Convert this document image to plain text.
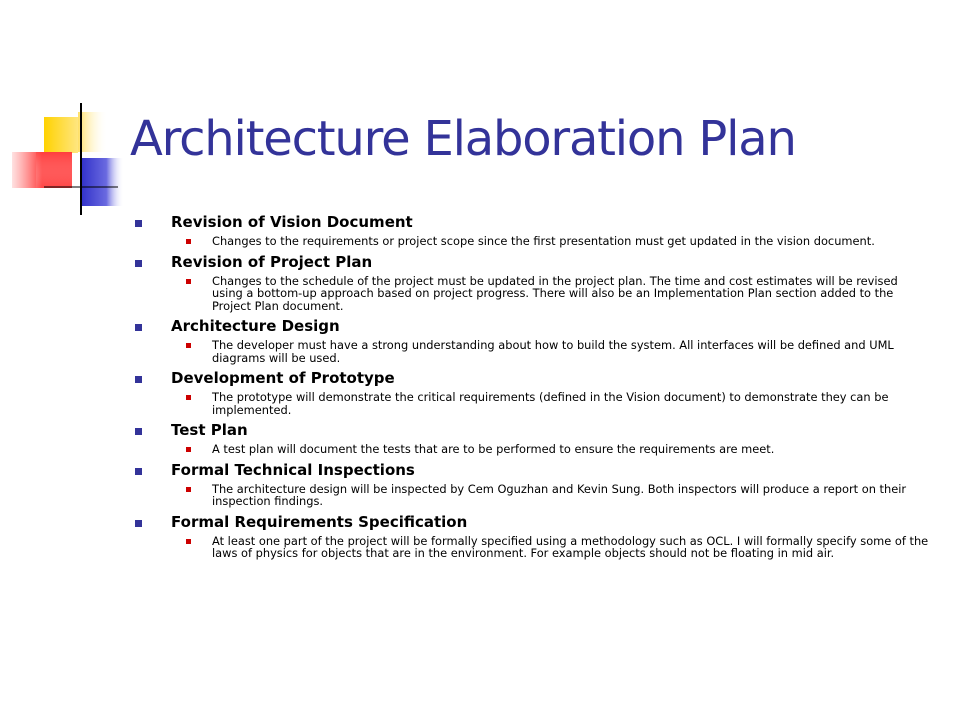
Architecture Elaboration Plan
Revision of Vision Document
Changes to the requirements or project scope since the first presentation must get updated in the vision document.
Revision of Project Plan
Changes to the schedule of the project must be updated in the project plan. The time and cost estimates will be revised using a bottom-up approach based on project progress. There will also be an Implementation Plan section added to the Project Plan document.
Architecture Design
The developer must have a strong understanding about how to build the system. All interfaces will be defined and UML diagrams will be used.
Development of Prototype
The prototype will demonstrate the critical requirements (defined in the Vision document) to demonstrate they can be implemented.
Test Plan
A test plan will document the tests that are to be performed to ensure the requirements are meet.
Formal Technical Inspections
The architecture design will be inspected by Cem Oguzhan and Kevin Sung. Both inspectors will produce a report on their inspection findings.
Formal Requirements Specification
At least one part of the project will be formally specified using a methodology such as OCL. I will formally specify some of the laws of physics for objects that are in the environment. For example objects should not be floating in mid air.
